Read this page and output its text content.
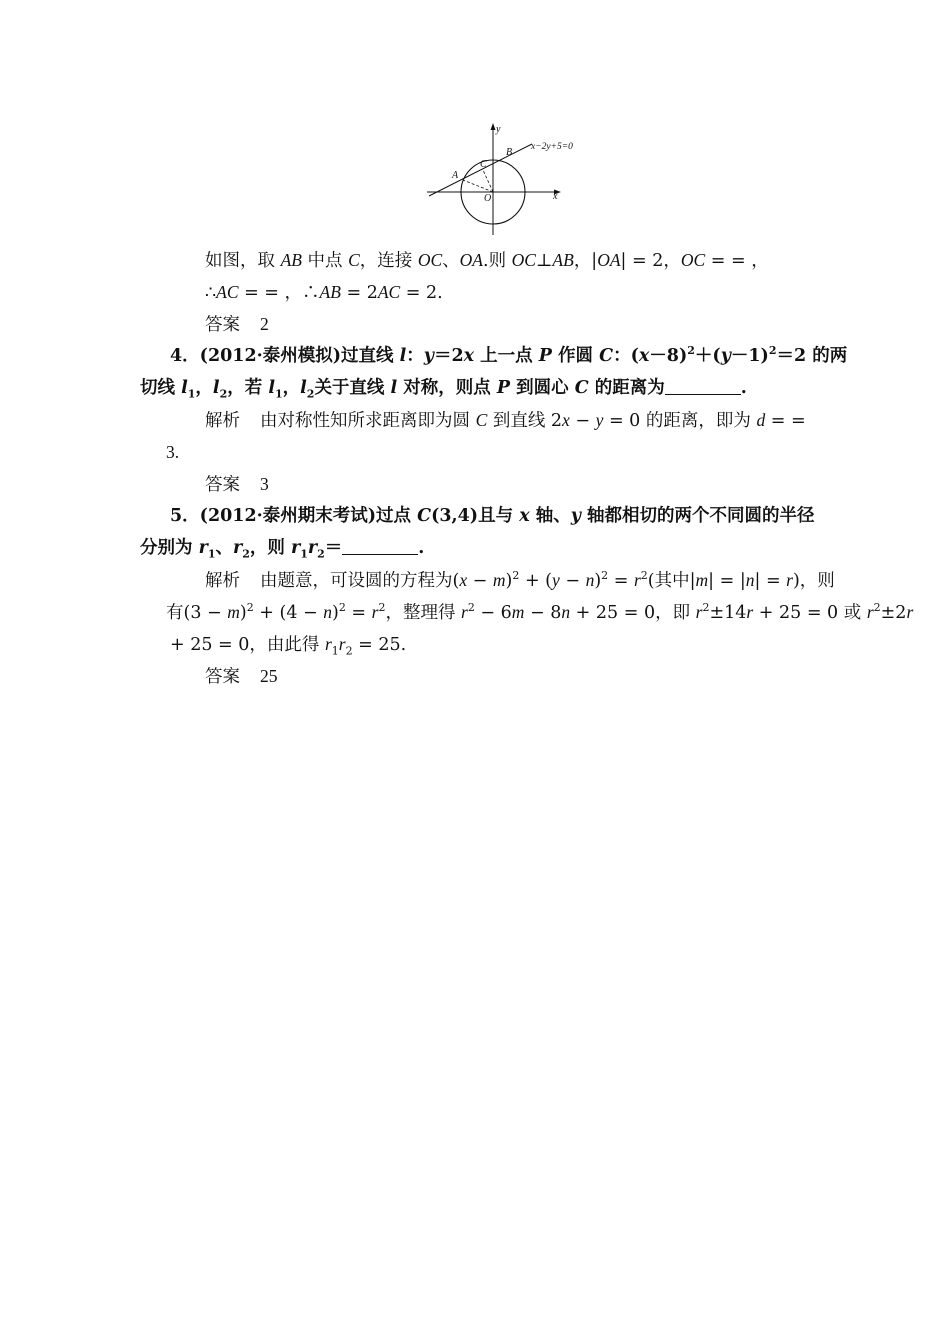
y
x
O
A
B
C
x−2y+5=0
如图，取 AB 中点 C，连接 OC、OA.则 OC⊥AB，|OA| = 2，OC = = ，
∴AC = = ，∴AB = 2AC = 2.
答案 2
4．(2012·泰州模拟)过直线 l：y＝2x 上一点 P 作圆 C：$(x-8)^2+(y-1)^2=2$ 的两
切线 $l_1$，$l_2$，若 $l_1$，$l_2$关于直线 l 对称，则点 P 到圆心 C 的距离为	.
解析 由对称性知所求距离即为圆 C 到直线 2x − y = 0 的距离，即为 d = =
3.
答案 3
5．(2012·泰州期末考试)过点 C(3,4)且与 x 轴、y 轴都相切的两个不同圆的半径
分别为 $r_1$、$r_2$，则 $r_1r_2=$	.
解析 由题意，可设圆的方程为$(x - m)^2 + (y - n)^2 = r^2$(其中|m| = |n| = r)，则
有$(3 - m)^2 + (4 - n)^2 = r^2$，整理得 $r^2 - 6m - 8n + 25 = 0$，即 $r^2\pm 14r + 25 = 0$ 或 $r^2\pm 2r$
+ 25 = 0，由此得 $r_1r_2 = 25$.
答案 25
